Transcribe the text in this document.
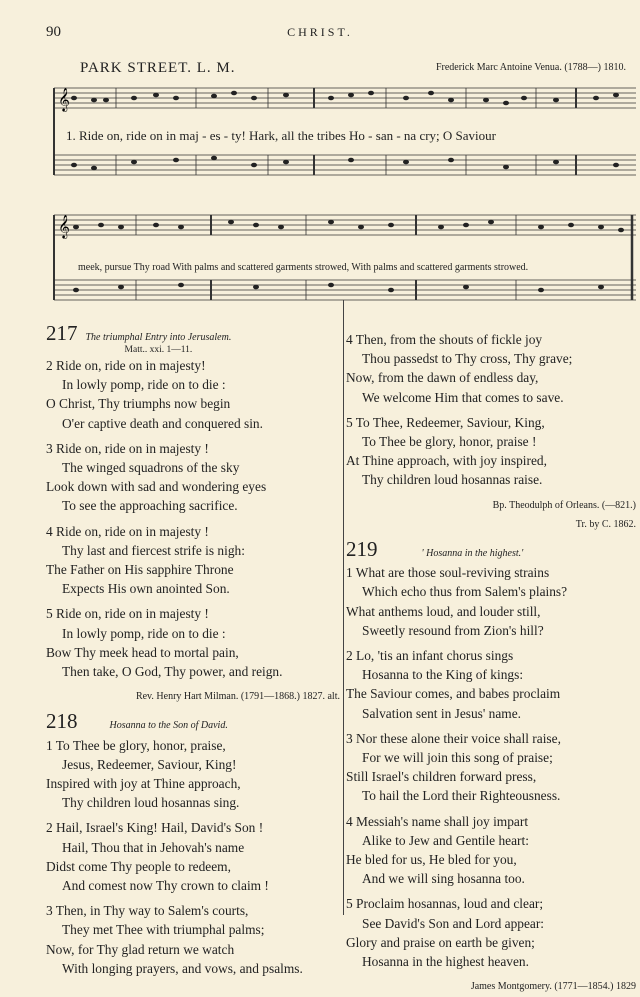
90	CHRIST.
PARK STREET. L. M.	Frederick Marc Antoine Venua. (1788—) 1810.
𝄞
1. Ride on, ride on in maj - es - ty! Hark, all the tribes Ho - san - na cry; O Saviour
𝄞
meek, pursue Thy road With palms and scattered garments strowed, With palms and scattered garments strowed.
217 The triumphal Entry into Jerusalem.
Matt.. xxi. 1—11.
2 Ride on, ride on in majesty!
In lowly pomp, ride on to die :
O Christ, Thy triumphs now begin
O'er captive death and conquered sin.
3 Ride on, ride on in majesty !
The winged squadrons of the sky
Look down with sad and wondering eyes
To see the approaching sacrifice.
4 Ride on, ride on in majesty !
Thy last and fiercest strife is nigh:
The Father on His sapphire Throne
Expects His own anointed Son.
5 Ride on, ride on in majesty !
In lowly pomp, ride on to die :
Bow Thy meek head to mortal pain,
Then take, O God, Thy power, and reign.
Rev. Henry Hart Milman. (1791—1868.) 1827. alt.
218	Hosanna to the Son of David.
1 To Thee be glory, honor, praise,
Jesus, Redeemer, Saviour, King!
Inspired with joy at Thine approach,
Thy children loud hosannas sing.
2 Hail, Israel's King! Hail, David's Son !
Hail, Thou that in Jehovah's name
Didst come Thy people to redeem,
And comest now Thy crown to claim !
3 Then, in Thy way to Salem's courts,
They met Thee with triumphal palms;
Now, for Thy glad return we watch
With longing prayers, and vows, and psalms.
4 Then, from the shouts of fickle joy
Thou passedst to Thy cross, Thy grave;
Now, from the dawn of endless day,
We welcome Him that comes to save.
5 To Thee, Redeemer, Saviour, King,
To Thee be glory, honor, praise !
At Thine approach, with joy inspired,
Thy children loud hosannas raise.
Bp. Theodulph of Orleans. (—821.)
Tr. by C. 1862.
219	' Hosanna in the highest.'
1 What are those soul-reviving strains
Which echo thus from Salem's plains?
What anthems loud, and louder still,
Sweetly resound from Zion's hill?
2 Lo, 'tis an infant chorus sings
Hosanna to the King of kings:
The Saviour comes, and babes proclaim
Salvation sent in Jesus' name.
3 Nor these alone their voice shall raise,
For we will join this song of praise;
Still Israel's children forward press,
To hail the Lord their Righteousness.
4 Messiah's name shall joy impart
Alike to Jew and Gentile heart:
He bled for us, He bled for you,
And we will sing hosanna too.
5 Proclaim hosannas, loud and clear;
See David's Son and Lord appear:
Glory and praise on earth be given;
Hosanna in the highest heaven.
James Montgomery. (1771—1854.) 1829
